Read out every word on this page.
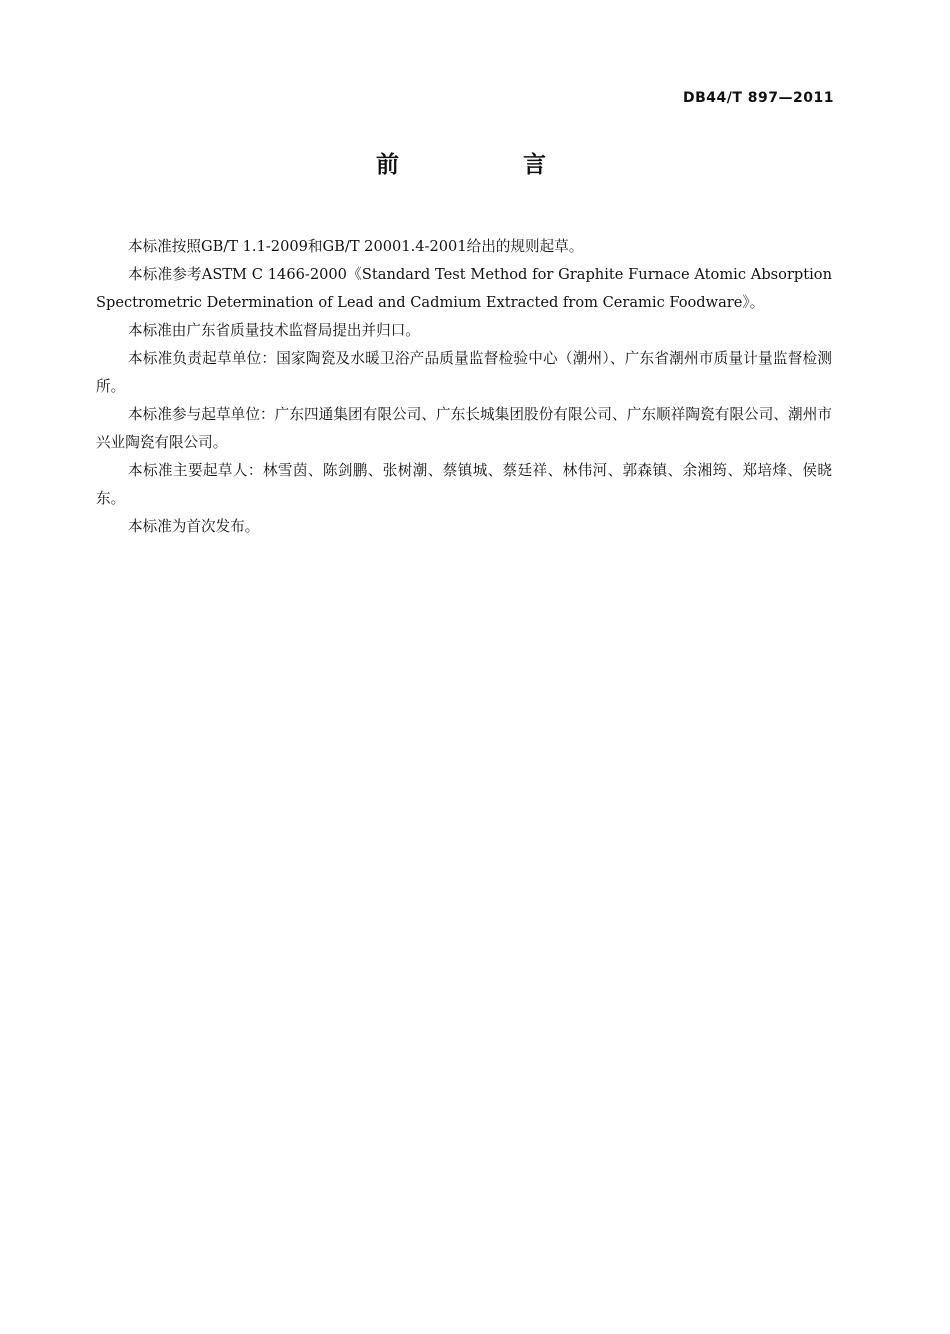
DB44/T 897—2011
前 言

本标准按照GB/T 1.1-2009和GB/T 20001.4-2001给出的规则起草。

本标准参考ASTM C 1466-2000《Standard Test Method for Graphite Furnace Atomic Absorption Spectrometric Determination of Lead and Cadmium Extracted from Ceramic Foodware》。

本标准由广东省质量技术监督局提出并归口。

本标准负责起草单位：国家陶瓷及水暖卫浴产品质量监督检验中心（潮州）、广东省潮州市质量计量监督检测所。

本标准参与起草单位：广东四通集团有限公司、广东长城集团股份有限公司、广东顺祥陶瓷有限公司、潮州市兴业陶瓷有限公司。

本标准主要起草人：林雪茵、陈剑鹏、张树潮、蔡镇城、蔡廷祥、林伟河、郭森镇、余湘筠、郑培烽、侯晓东。

本标准为首次发布。
